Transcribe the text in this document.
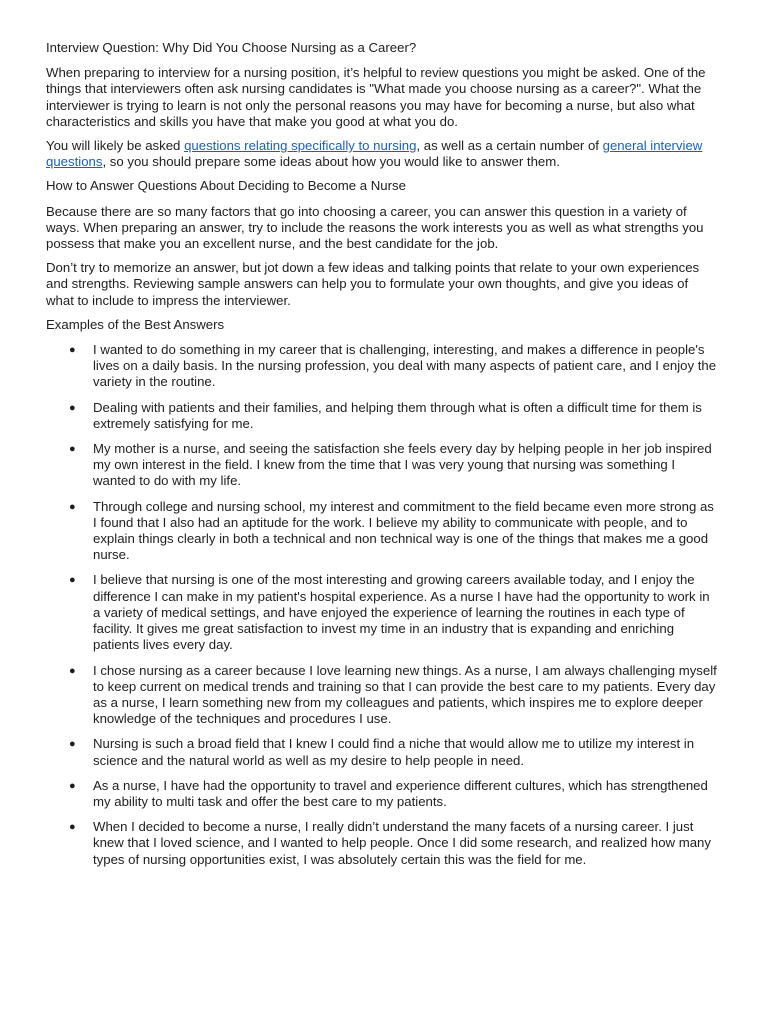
Interview Question: Why Did You Choose Nursing as a Career?

When preparing to interview for a nursing position, it’s helpful to review questions you might be asked. One of the things that interviewers often ask nursing candidates is "What made you choose nursing as a career?". What the interviewer is trying to learn is not only the personal reasons you may have for becoming a nurse, but also what characteristics and skills you have that make you good at what you do.

You will likely be asked questions relating specifically to nursing, as well as a certain number of general interview questions, so you should prepare some ideas about how you would like to answer them.

How to Answer Questions About Deciding to Become a Nurse

Because there are so many factors that go into choosing a career, you can answer this question in a variety of ways. When preparing an answer, try to include the reasons the work interests you as well as what strengths you possess that make you an excellent nurse, and the best candidate for the job.

Don’t try to memorize an answer, but jot down a few ideas and talking points that relate to your own experiences and strengths. Reviewing sample answers can help you to formulate your own thoughts, and give you ideas of what to include to impress the interviewer.

Examples of the Best Answers

● I wanted to do something in my career that is challenging, interesting, and makes a difference in people's lives on a daily basis. In the nursing profession, you deal with many aspects of patient care, and I enjoy the variety in the routine.
● Dealing with patients and their families, and helping them through what is often a difficult time for them is extremely satisfying for me.
● My mother is a nurse, and seeing the satisfaction she feels every day by helping people in her job inspired my own interest in the field. I knew from the time that I was very young that nursing was something I wanted to do with my life.
● Through college and nursing school, my interest and commitment to the field became even more strong as I found that I also had an aptitude for the work. I believe my ability to communicate with people, and to explain things clearly in both a technical and non technical way is one of the things that makes me a good nurse.
● I believe that nursing is one of the most interesting and growing careers available today, and I enjoy the difference I can make in my patient's hospital experience. As a nurse I have had the opportunity to work in a variety of medical settings, and have enjoyed the experience of learning the routines in each type of facility. It gives me great satisfaction to invest my time in an industry that is expanding and enriching patients lives every day.
● I chose nursing as a career because I love learning new things. As a nurse, I am always challenging myself to keep current on medical trends and training so that I can provide the best care to my patients. Every day as a nurse, I learn something new from my colleagues and patients, which inspires me to explore deeper knowledge of the techniques and procedures I use.
● Nursing is such a broad field that I knew I could find a niche that would allow me to utilize my interest in science and the natural world as well as my desire to help people in need.
● As a nurse, I have had the opportunity to travel and experience different cultures, which has strengthened my ability to multi task and offer the best care to my patients.
● When I decided to become a nurse, I really didn’t understand the many facets of a nursing career. I just knew that I loved science, and I wanted to help people. Once I did some research, and realized how many types of nursing opportunities exist, I was absolutely certain this was the field for me.
